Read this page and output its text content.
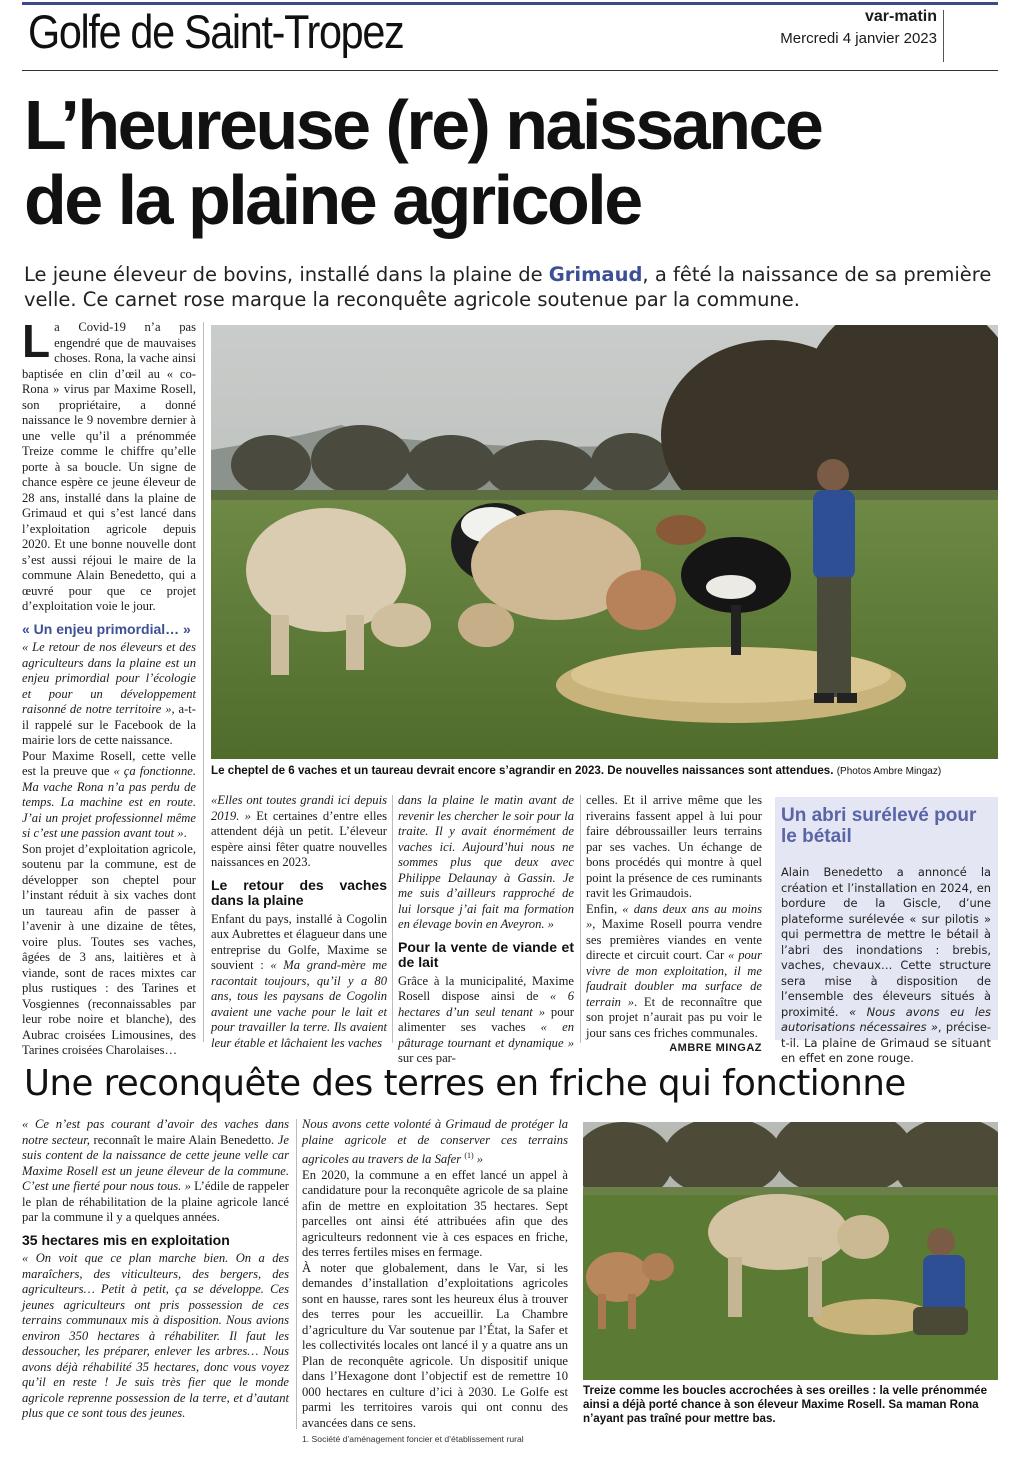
Golfe de Saint-Tropez	var-matin
Mercredi 4 janvier 2023
L’heureuse (re) naissance
de la plaine agricole
Le jeune éleveur de bovins, installé dans la plaine de Grimaud, a fêté la naissance de sa première velle. Ce carnet rose marque la reconquête agricole soutenue par la commune.

La Covid-19 n’a pas engendré que de mauvaises choses. Rona, la vache ainsi baptisée en clin d’œil au « co-Rona » virus par Maxime Rosell, son propriétaire, a donné naissance le 9 novembre dernier à une velle qu’il a prénommée Treize comme le chiffre qu’elle porte à sa boucle. Un signe de chance espère ce jeune éleveur de 28 ans, installé dans la plaine de Grimaud et qui s’est lancé dans l’exploitation agricole depuis 2020. Et une bonne nouvelle dont s’est aussi réjoui le maire de la commune Alain Benedetto, qui a œuvré pour que ce projet d’exploitation voie le jour.

« Un enjeu primordial… »

« Le retour de nos éleveurs et des agriculteurs dans la plaine est un enjeu primordial pour l’écologie et pour un développement raisonné de notre territoire », a-t-il rappelé sur le Facebook de la mairie lors de cette naissance.

Pour Maxime Rosell, cette velle est la preuve que « ça fonctionne. Ma vache Rona n’a pas perdu de temps. La machine est en route. J’ai un projet professionnel même si c’est une passion avant tout ».

Son projet d’exploitation agricole, soutenu par la commune, est de développer son cheptel pour l’instant réduit à six vaches dont un taureau afin de passer à l’avenir à une dizaine de têtes, voire plus. Toutes ses vaches, âgées de 3 ans, laitières et à viande, sont de races mixtes car plus rustiques : des Tarines et Vosgiennes (reconnaissables par leur robe noire et blanche), des Aubrac croisées Limousines, des Tarines croisées Charolaises…

Le cheptel de 6 vaches et un taureau devrait encore s’agrandir en 2023. De nouvelles naissances sont attendues. (Photos Ambre Mingaz)

«Elles ont toutes grandi ici depuis 2019. » Et certaines d’entre elles attendent déjà un petit. L’éleveur espère ainsi fêter quatre nouvelles naissances en 2023.

Le retour des vaches dans la plaine

Enfant du pays, installé à Cogolin aux Aubrettes et élagueur dans une entreprise du Golfe, Maxime se souvient : « Ma grand-mère me racontait toujours, qu’il y a 80 ans, tous les paysans de Cogolin avaient une vache pour le lait et pour travailler la terre. Ils avaient leur étable et lâchaient les vaches

dans la plaine le matin avant de revenir les chercher le soir pour la traite. Il y avait énormément de vaches ici. Aujourd’hui nous ne sommes plus que deux avec Philippe Delaunay à Gassin. Je me suis d’ailleurs rapproché de lui lorsque j’ai fait ma formation en élevage bovin en Aveyron. »

Pour la vente de viande et de lait

Grâce à la municipalité, Maxime Rosell dispose ainsi de « 6 hectares d’un seul tenant » pour alimenter ses vaches « en pâturage tournant et dynamique » sur ces par-

celles. Et il arrive même que les riverains fassent appel à lui pour faire débroussailler leurs terrains par ses vaches. Un échange de bons procédés qui montre à quel point la présence de ces ruminants ravit les Grimaudois.

Enfin, « dans deux ans au moins », Maxime Rosell pourra vendre ses premières viandes en vente directe et circuit court. Car « pour vivre de mon exploitation, il me faudrait doubler ma surface de terrain ». Et de reconnaître que son projet n’aurait pas pu voir le jour sans ces friches communales.

AMBRE MINGAZ
Un abri surélevé pour le bétail
Alain Benedetto a annoncé la création et l’installation en 2024, en bordure de la Giscle, d’une plateforme surélevée « sur pilotis » qui permettra de mettre le bétail à l’abri des inondations : brebis, vaches, chevaux… Cette structure sera mise à disposition de l’ensemble des éleveurs situés à proximité. « Nous avons eu les autorisations nécessaires », précise-t-il. La plaine de Grimaud se situant en effet en zone rouge.
Une reconquête des terres en friche qui fonctionne

« Ce n’est pas courant d’avoir des vaches dans notre secteur, reconnaît le maire Alain Benedetto. Je suis content de la naissance de cette jeune velle car Maxime Rosell est un jeune éleveur de la commune. C’est une fierté pour nous tous. » L’édile de rappeler le plan de réhabilitation de la plaine agricole lancé par la commune il y a quelques années.

35 hectares mis en exploitation

« On voit que ce plan marche bien. On a des maraîchers, des viticulteurs, des bergers, des agriculteurs… Petit à petit, ça se développe. Ces jeunes agriculteurs ont pris possession de ces terrains communaux mis à disposition. Nous avions environ 350 hectares à réhabiliter. Il faut les dessoucher, les préparer, enlever les arbres… Nous avons déjà réhabilité 35 hectares, donc vous voyez qu’il en reste ! Je suis très fier que le monde agricole reprenne possession de la terre, et d’autant plus que ce sont tous des jeunes.

Nous avons cette volonté à Grimaud de protéger la plaine agricole et de conserver ces terrains agricoles au travers de la Safer $^{(1)}$ »

En 2020, la commune a en effet lancé un appel à candidature pour la reconquête agricole de sa plaine afin de mettre en exploitation 35 hectares. Sept parcelles ont ainsi été attribuées afin que des agriculteurs redonnent vie à ces espaces en friche, des terres fertiles mises en fermage.

À noter que globalement, dans le Var, si les demandes d’installation d’exploitations agricoles sont en hausse, rares sont les heureux élus à trouver des terres pour les accueillir. La Chambre d’agriculture du Var soutenue par l’État, la Safer et les collectivités locales ont lancé il y a quatre ans un Plan de reconquête agricole. Un dispositif unique dans l’Hexagone dont l’objectif est de remettre 10 000 hectares en culture d’ici à 2030. Le Golfe est parmi les territoires varois qui ont connu des avancées dans ce sens.

1. Société d’aménagement foncier et d’établissement rural
Treize comme les boucles accrochées à ses oreilles : la velle prénommée ainsi a déjà porté chance à son éleveur Maxime Rosell. Sa maman Rona n’ayant pas traîné pour mettre bas.
